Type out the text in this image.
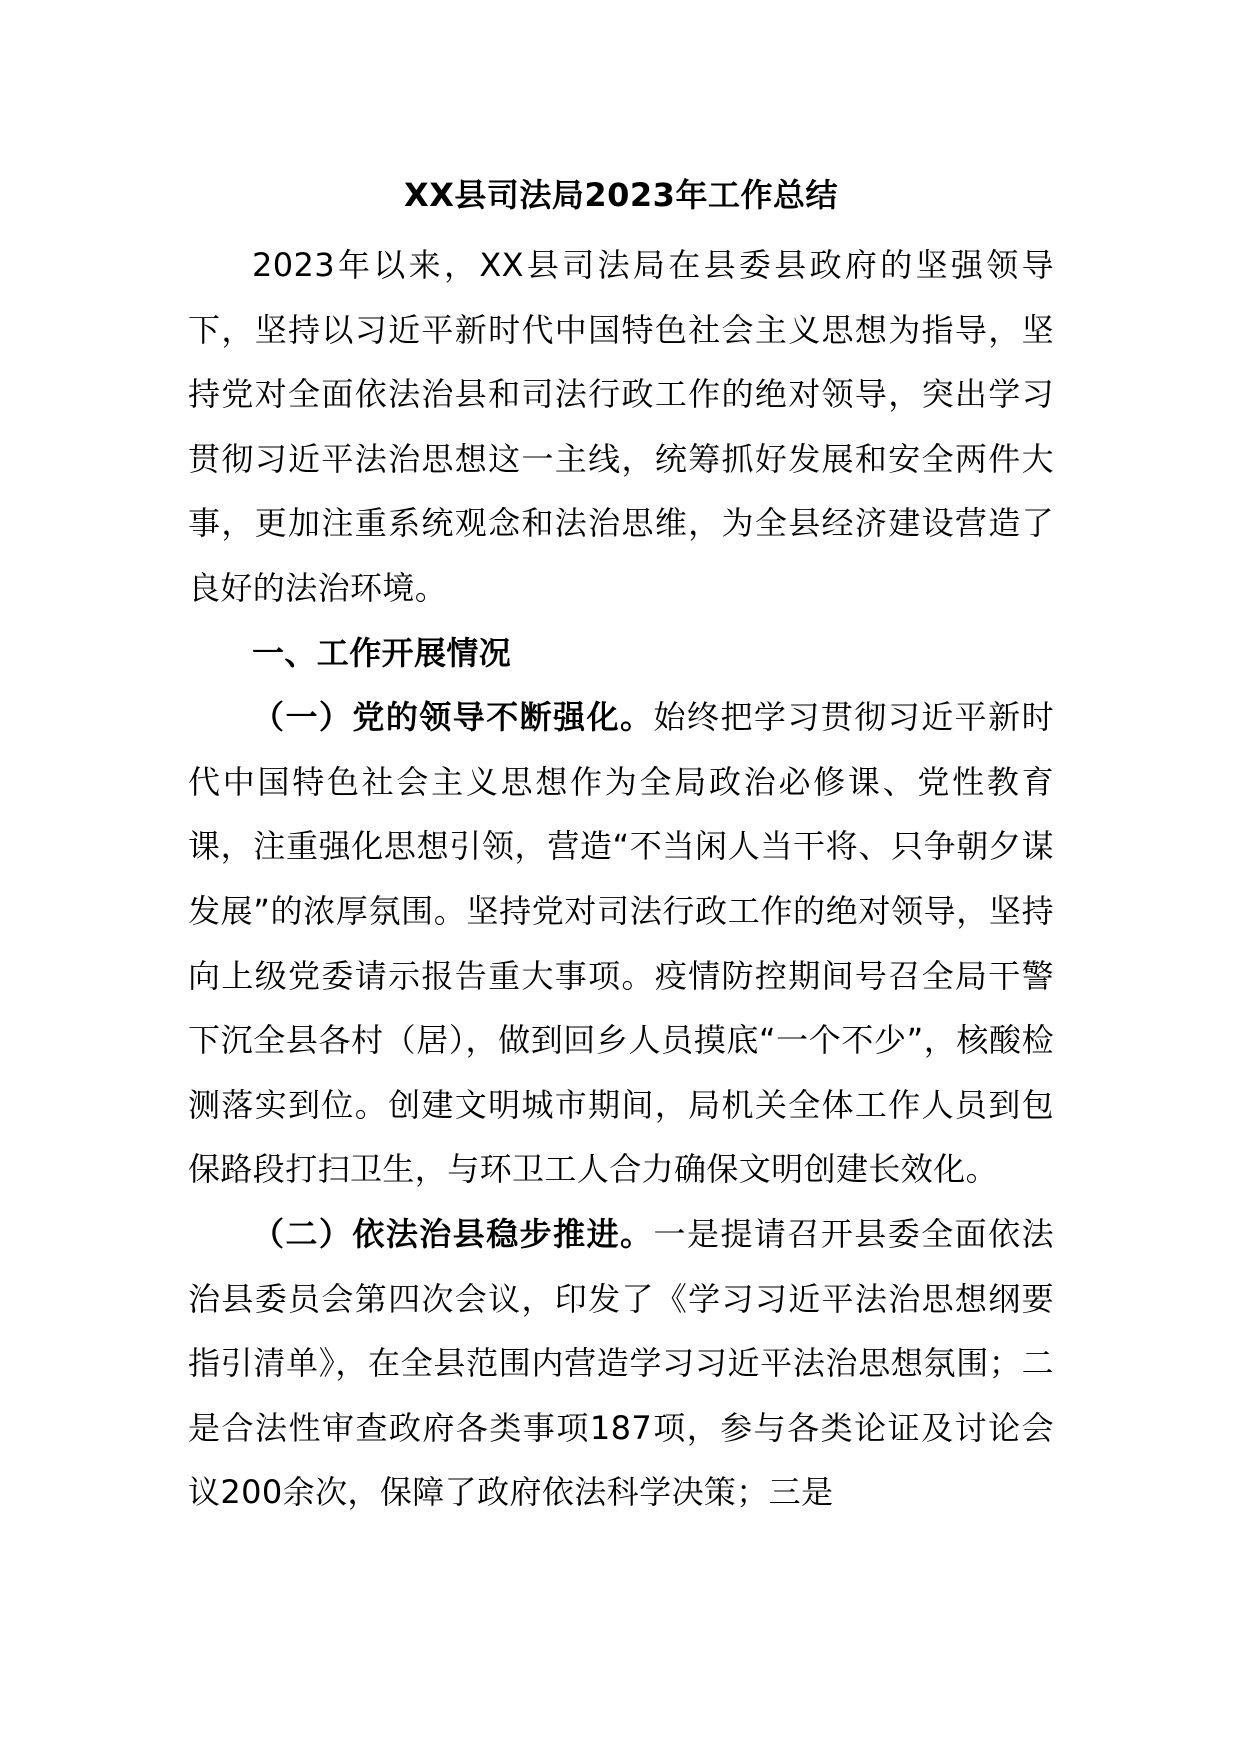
XX县司法局2023年工作总结

2023年以来，XX县司法局在县委县政府的坚强领导下，坚持以习近平新时代中国特色社会主义思想为指导，坚持党对全面依法治县和司法行政工作的绝对领导，突出学习贯彻习近平法治思想这一主线，统筹抓好发展和安全两件大事，更加注重系统观念和法治思维，为全县经济建设营造了良好的法治环境。

一、工作开展情况

（一）党的领导不断强化。始终把学习贯彻习近平新时代中国特色社会主义思想作为全局政治必修课、党性教育课，注重强化思想引领，营造“不当闲人当干将、只争朝夕谋发展”的浓厚氛围。坚持党对司法行政工作的绝对领导，坚持向上级党委请示报告重大事项。疫情防控期间号召全局干警下沉全县各村（居），做到回乡人员摸底“一个不少”，核酸检测落实到位。创建文明城市期间，局机关全体工作人员到包保路段打扫卫生，与环卫工人合力确保文明创建长效化。

（二）依法治县稳步推进。一是提请召开县委全面依法治县委员会第四次会议，印发了《学习习近平法治思想纲要指引清单》，在全县范围内营造学习习近平法治思想氛围；二是合法性审查政府各类事项187项，参与各类论证及讨论会议200余次，保障了政府依法科学决策；三是
